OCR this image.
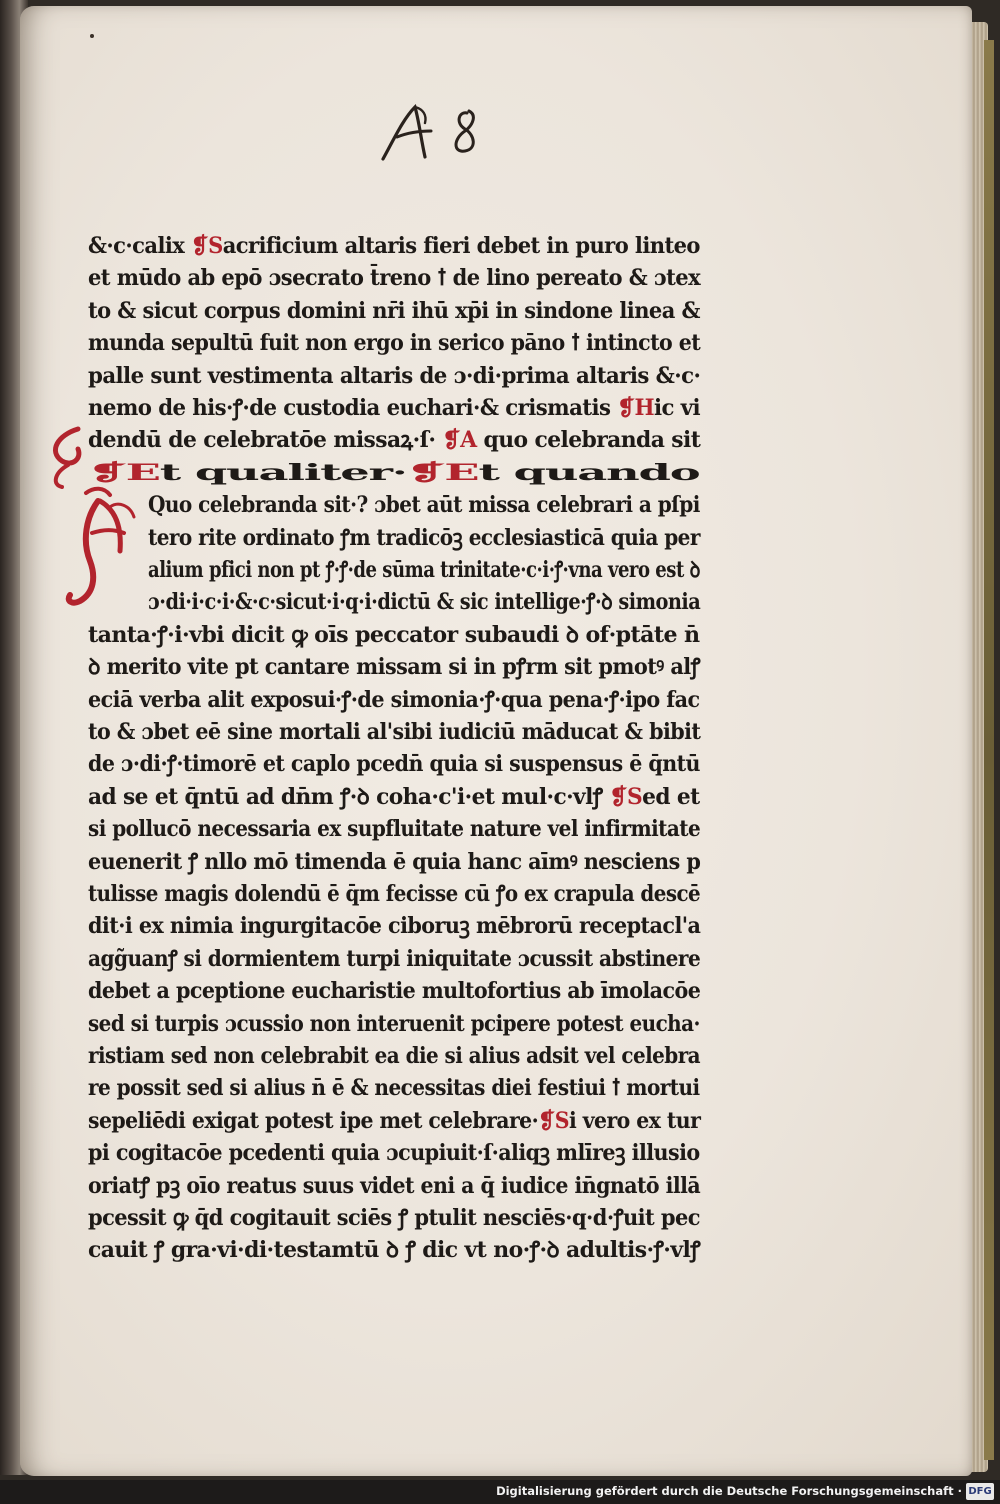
&·c·calix ❡Sacrificium altaris fieri debet in puro linteo
et mūdo ab epō ɔsecrato t̄reno ꝉ de lino pereato & ɔtex
to & sicut corpus domini nr̄i ihū xp̄i in sindone linea &
munda sepultū fuit non ergo in serico pāno ꝉ intincto et
palle sunt vestimenta altaris de ɔ·di·prima altaris &·c·
nemo de his·ꝭ·de custodia euchari·& crismatis ❡Hic vi
dendū de celebratōe missaꝝ·ſ· ❡A quo celebranda sit
❡Et qualiter·❡Et quando
Quo celebranda sit·? ɔbet aūt missa celebrari a pſpi
tero rite ordinato ꝭm tradicōꝫ ecclesiasticā quia per
alium pfici non pt ꝭ·ꝭ·de sūma trinitate·c·i·ꝭ·vna vero est ꝺ
ɔ·di·i·c·i·&·c·sicut·i·q·i·dictū & sic intellige·ꝭ·ꝺ simonia
tanta·ꝭ·i·vbi dicit ꝙ oīs peccator subaudi ꝺ of·ptāte n̄
ꝺ merito vite pt cantare missam si in pꝭrm sit pmotꝰ alꝭ
eciā verba alit exposui·ꝭ·de simonia·ꝭ·qua pena·ꝭ·ipo fac
to & ɔbet eē sine mortali al'sibi iudiciū māducat & bibit
de ɔ·di·ꝭ·timorē et caplo pcedn̄ quia si suspensus ē q̄ntū
ad se et q̄ntū ad dn̄m ꝭ·ꝺ coha·c'i·et mul·c·vlꝭ ❡Sed et
si pollucō necessaria ex supfluitate nature vel infirmitate
euenerit ꝭ nllo mō timenda ē quia hanc aīmꝰ nesciens p
tulisse magis dolendū ē q̄m fecisse cū ꝭo ex crapula descē
dit·i ex nimia ingurgitacōe ciboruꝫ mēbrorū receptacl'a
agg̃uanꝭ si dormientem turpi iniquitate ɔcussit abstinere
debet a pceptione eucharistie multofortius ab īmolacōe
sed si turpis ɔcussio non interuenit pcipere potest eucha·
ristiam sed non celebrabit ea die si alius adsit vel celebra
re possit sed si alius n̄ ē & necessitas diei festiui ꝉ mortui
sepeliēdi exigat potest ipe met celebrare·❡Si vero ex tur
pi cogitacōe pcedenti quia ɔcupiuit·ſ·aliqꝫ mlīreꝫ illusio
oriatꝭ pꝫ oīo reatus suus videt eni a q̄ iudice in̄gnatō illā
pcessit ꝙ q̄d cogitauit sciēs ꝭ ptulit nesciēs·q·d·ꝭuit pec
cauit ꝭ gra·vi·di·testamtū ꝺ ꝭ dic vt no·ꝭ·ꝺ adultis·ꝭ·vlꝭ
Digitalisierung gefördert durch die Deutsche Forschungsgemeinschaft · DFG
